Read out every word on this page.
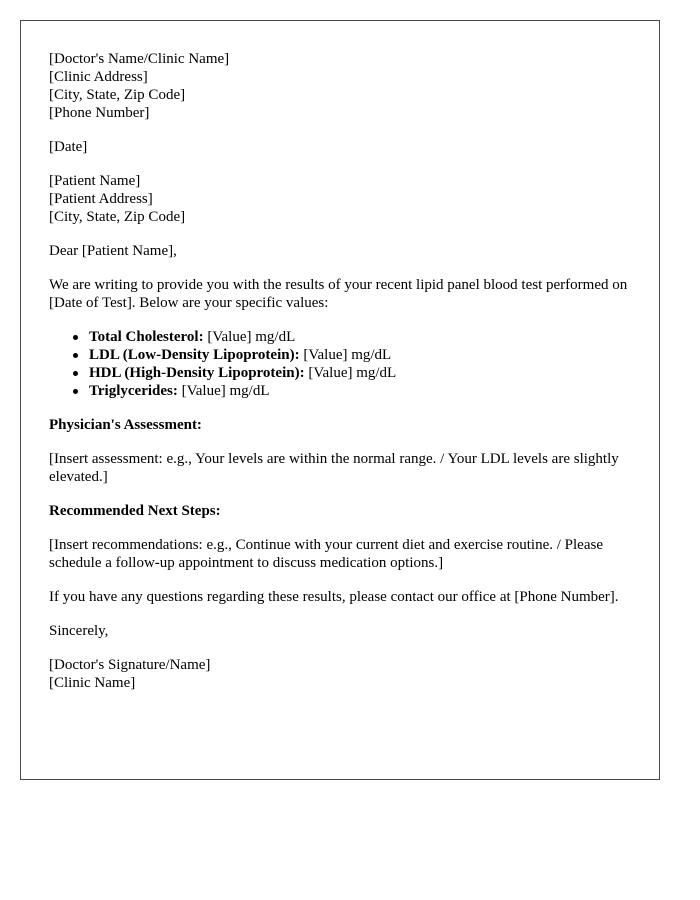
[Doctor's Name/Clinic Name]
[Clinic Address]
[City, State, Zip Code]
[Phone Number]
[Date]
[Patient Name]
[Patient Address]
[City, State, Zip Code]

Dear [Patient Name],

We are writing to provide you with the results of your recent lipid panel blood test performed on [Date of Test]. Below are your specific values:

Total Cholesterol: [Value] mg/dL
LDL (Low-Density Lipoprotein): [Value] mg/dL
HDL (High-Density Lipoprotein): [Value] mg/dL
Triglycerides: [Value] mg/dL
Physician's Assessment:

[Insert assessment: e.g., Your levels are within the normal range. / Your LDL levels are slightly elevated.]

Recommended Next Steps:

[Insert recommendations: e.g., Continue with your current diet and exercise routine. / Please schedule a follow-up appointment to discuss medication options.]

If you have any questions regarding these results, please contact our office at [Phone Number].

Sincerely,

[Doctor's Signature/Name]
[Clinic Name]
